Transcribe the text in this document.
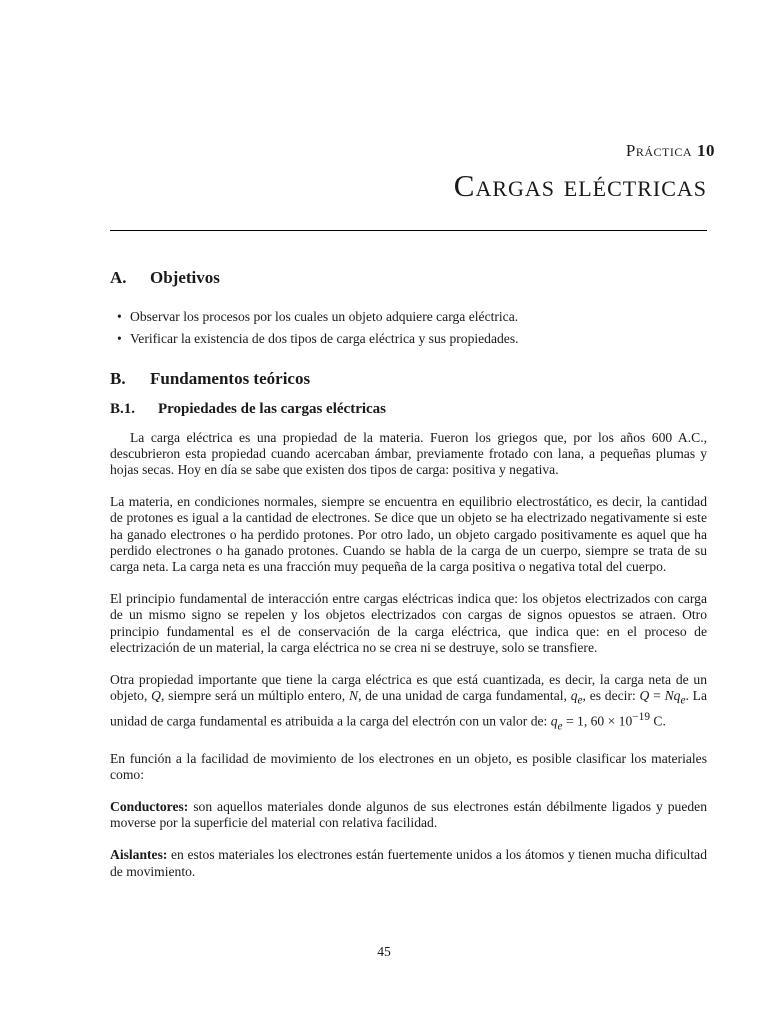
Práctica 10
Cargas eléctricas
A. Objetivos
• Observar los procesos por los cuales un objeto adquiere carga eléctrica.
• Verificar la existencia de dos tipos de carga eléctrica y sus propiedades.
B. Fundamentos teóricos
B.1. Propiedades de las cargas eléctricas

La carga eléctrica es una propiedad de la materia. Fueron los griegos que, por los años 600 A.C., descubrieron esta propiedad cuando acercaban ámbar, previamente frotado con lana, a pequeñas plumas y hojas secas. Hoy en día se sabe que existen dos tipos de carga: positiva y negativa.

La materia, en condiciones normales, siempre se encuentra en equilibrio electrostático, es decir, la cantidad de protones es igual a la cantidad de electrones. Se dice que un objeto se ha electrizado negativamente si este ha ganado electrones o ha perdido protones. Por otro lado, un objeto cargado positivamente es aquel que ha perdido electrones o ha ganado protones. Cuando se habla de la carga de un cuerpo, siempre se trata de su carga neta. La carga neta es una fracción muy pequeña de la carga positiva o negativa total del cuerpo.

El principio fundamental de interacción entre cargas eléctricas indica que: los objetos electrizados con carga de un mismo signo se repelen y los objetos electrizados con cargas de signos opuestos se atraen. Otro principio fundamental es el de conservación de la carga eléctrica, que indica que: en el proceso de electrización de un material, la carga eléctrica no se crea ni se destruye, solo se transfiere.

Otra propiedad importante que tiene la carga eléctrica es que está cuantizada, es decir, la carga neta de un objeto, Q, siempre será un múltiplo entero, N, de una unidad de carga fundamental, $q_e$, es decir: $Q = Nq_e$. La unidad de carga fundamental es atribuida a la carga del electrón con un valor de: $q_e = 1$, $60 \times 10^{-19}$ C.

En función a la facilidad de movimiento de los electrones en un objeto, es posible clasificar los materiales como:

Conductores: son aquellos materiales donde algunos de sus electrones están débilmente ligados y pueden moverse por la superficie del material con relativa facilidad.

Aislantes: en estos materiales los electrones están fuertemente unidos a los átomos y tienen mucha dificultad de movimiento.

45
